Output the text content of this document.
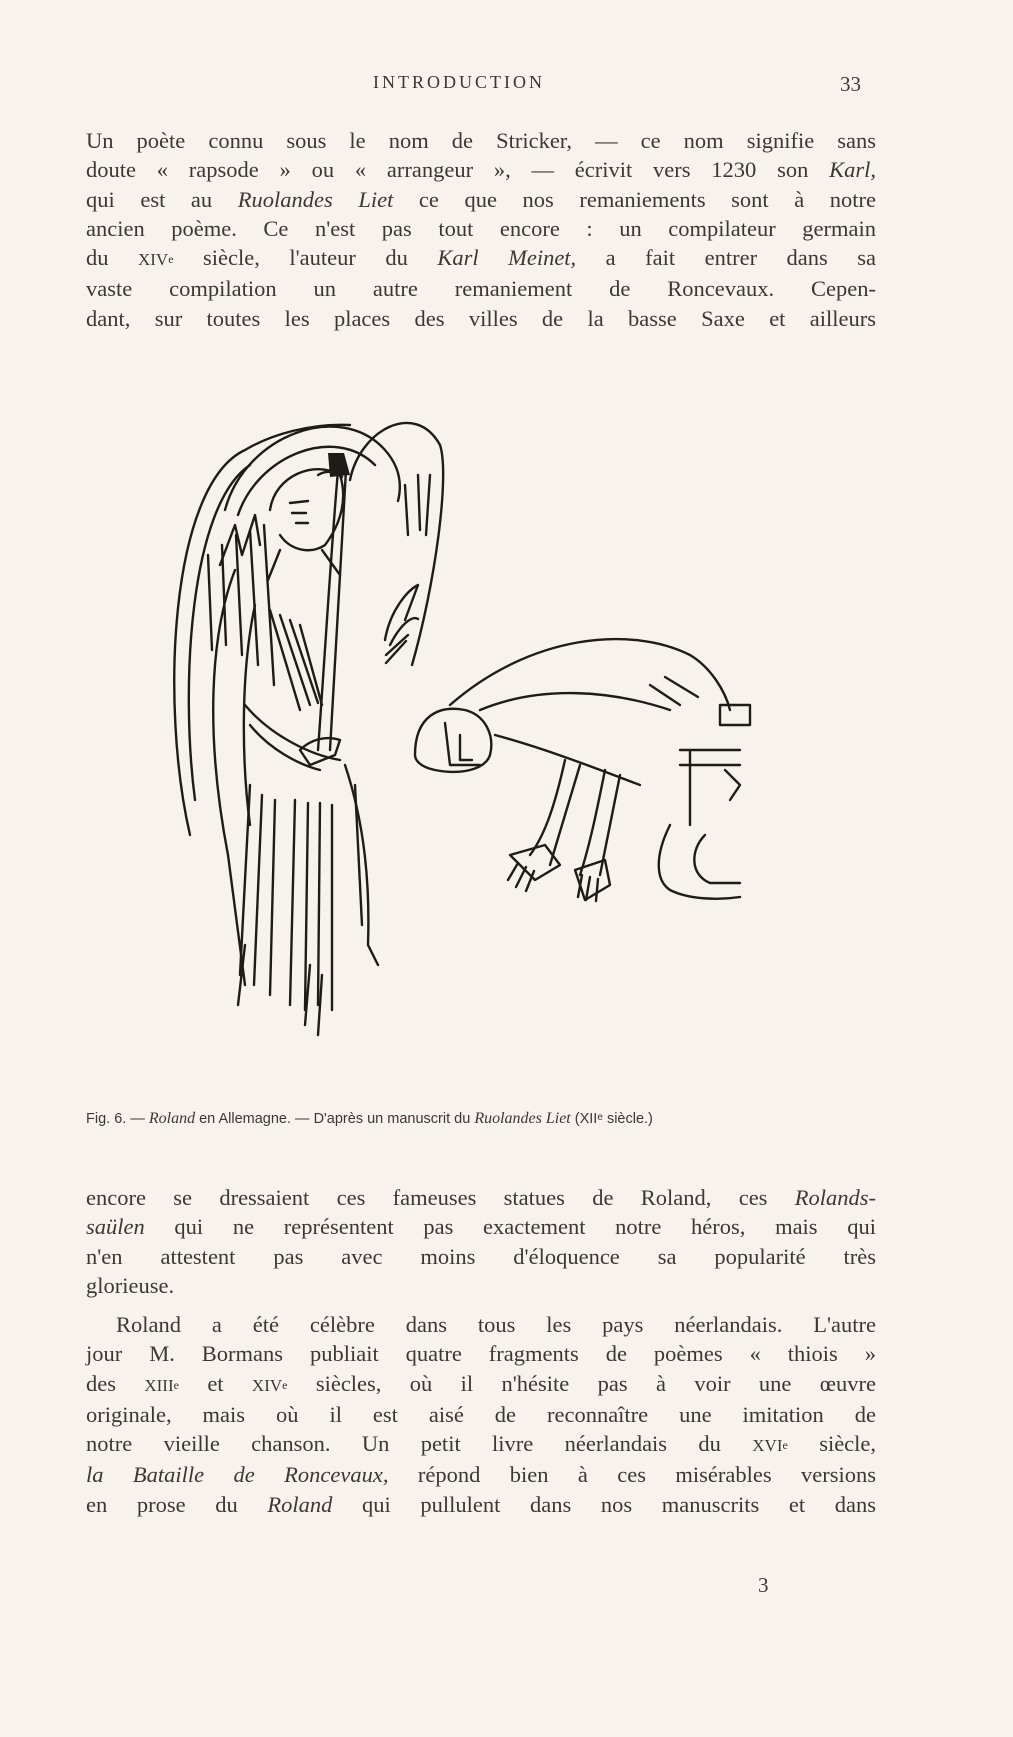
INTRODUCTION	33
Un poète connu sous le nom de Stricker, — ce nom signifie sans
doute « rapsode » ou « arrangeur », — écrivit vers 1230 son Karl,
qui est au Ruolandes Liet ce que nos remaniements sont à notre
ancien poème. Ce n'est pas tout encore : un compilateur germain
du XIVe siècle, l'auteur du Karl Meinet, a fait entrer dans sa
vaste compilation un autre remaniement de Roncevaux. Cepen-
dant, sur toutes les places des villes de la basse Saxe et ailleurs
Fig. 6. — Roland en Allemagne. — D'après un manuscrit du Ruolandes Liet (XIIe siècle.)
encore se dressaient ces fameuses statues de Roland, ces Rolands-
saülen qui ne représentent pas exactement notre héros, mais qui
n'en attestent pas avec moins d'éloquence sa popularité très
glorieuse.
Roland a été célèbre dans tous les pays néerlandais. L'autre
jour M. Bormans publiait quatre fragments de poèmes « thiois »
des XIIIe et XIVe siècles, où il n'hésite pas à voir une œuvre
originale, mais où il est aisé de reconnaître une imitation de
notre vieille chanson. Un petit livre néerlandais du XVIe siècle,
la Bataille de Roncevaux, répond bien à ces misérables versions
en prose du Roland qui pullulent dans nos manuscrits et dans
3
